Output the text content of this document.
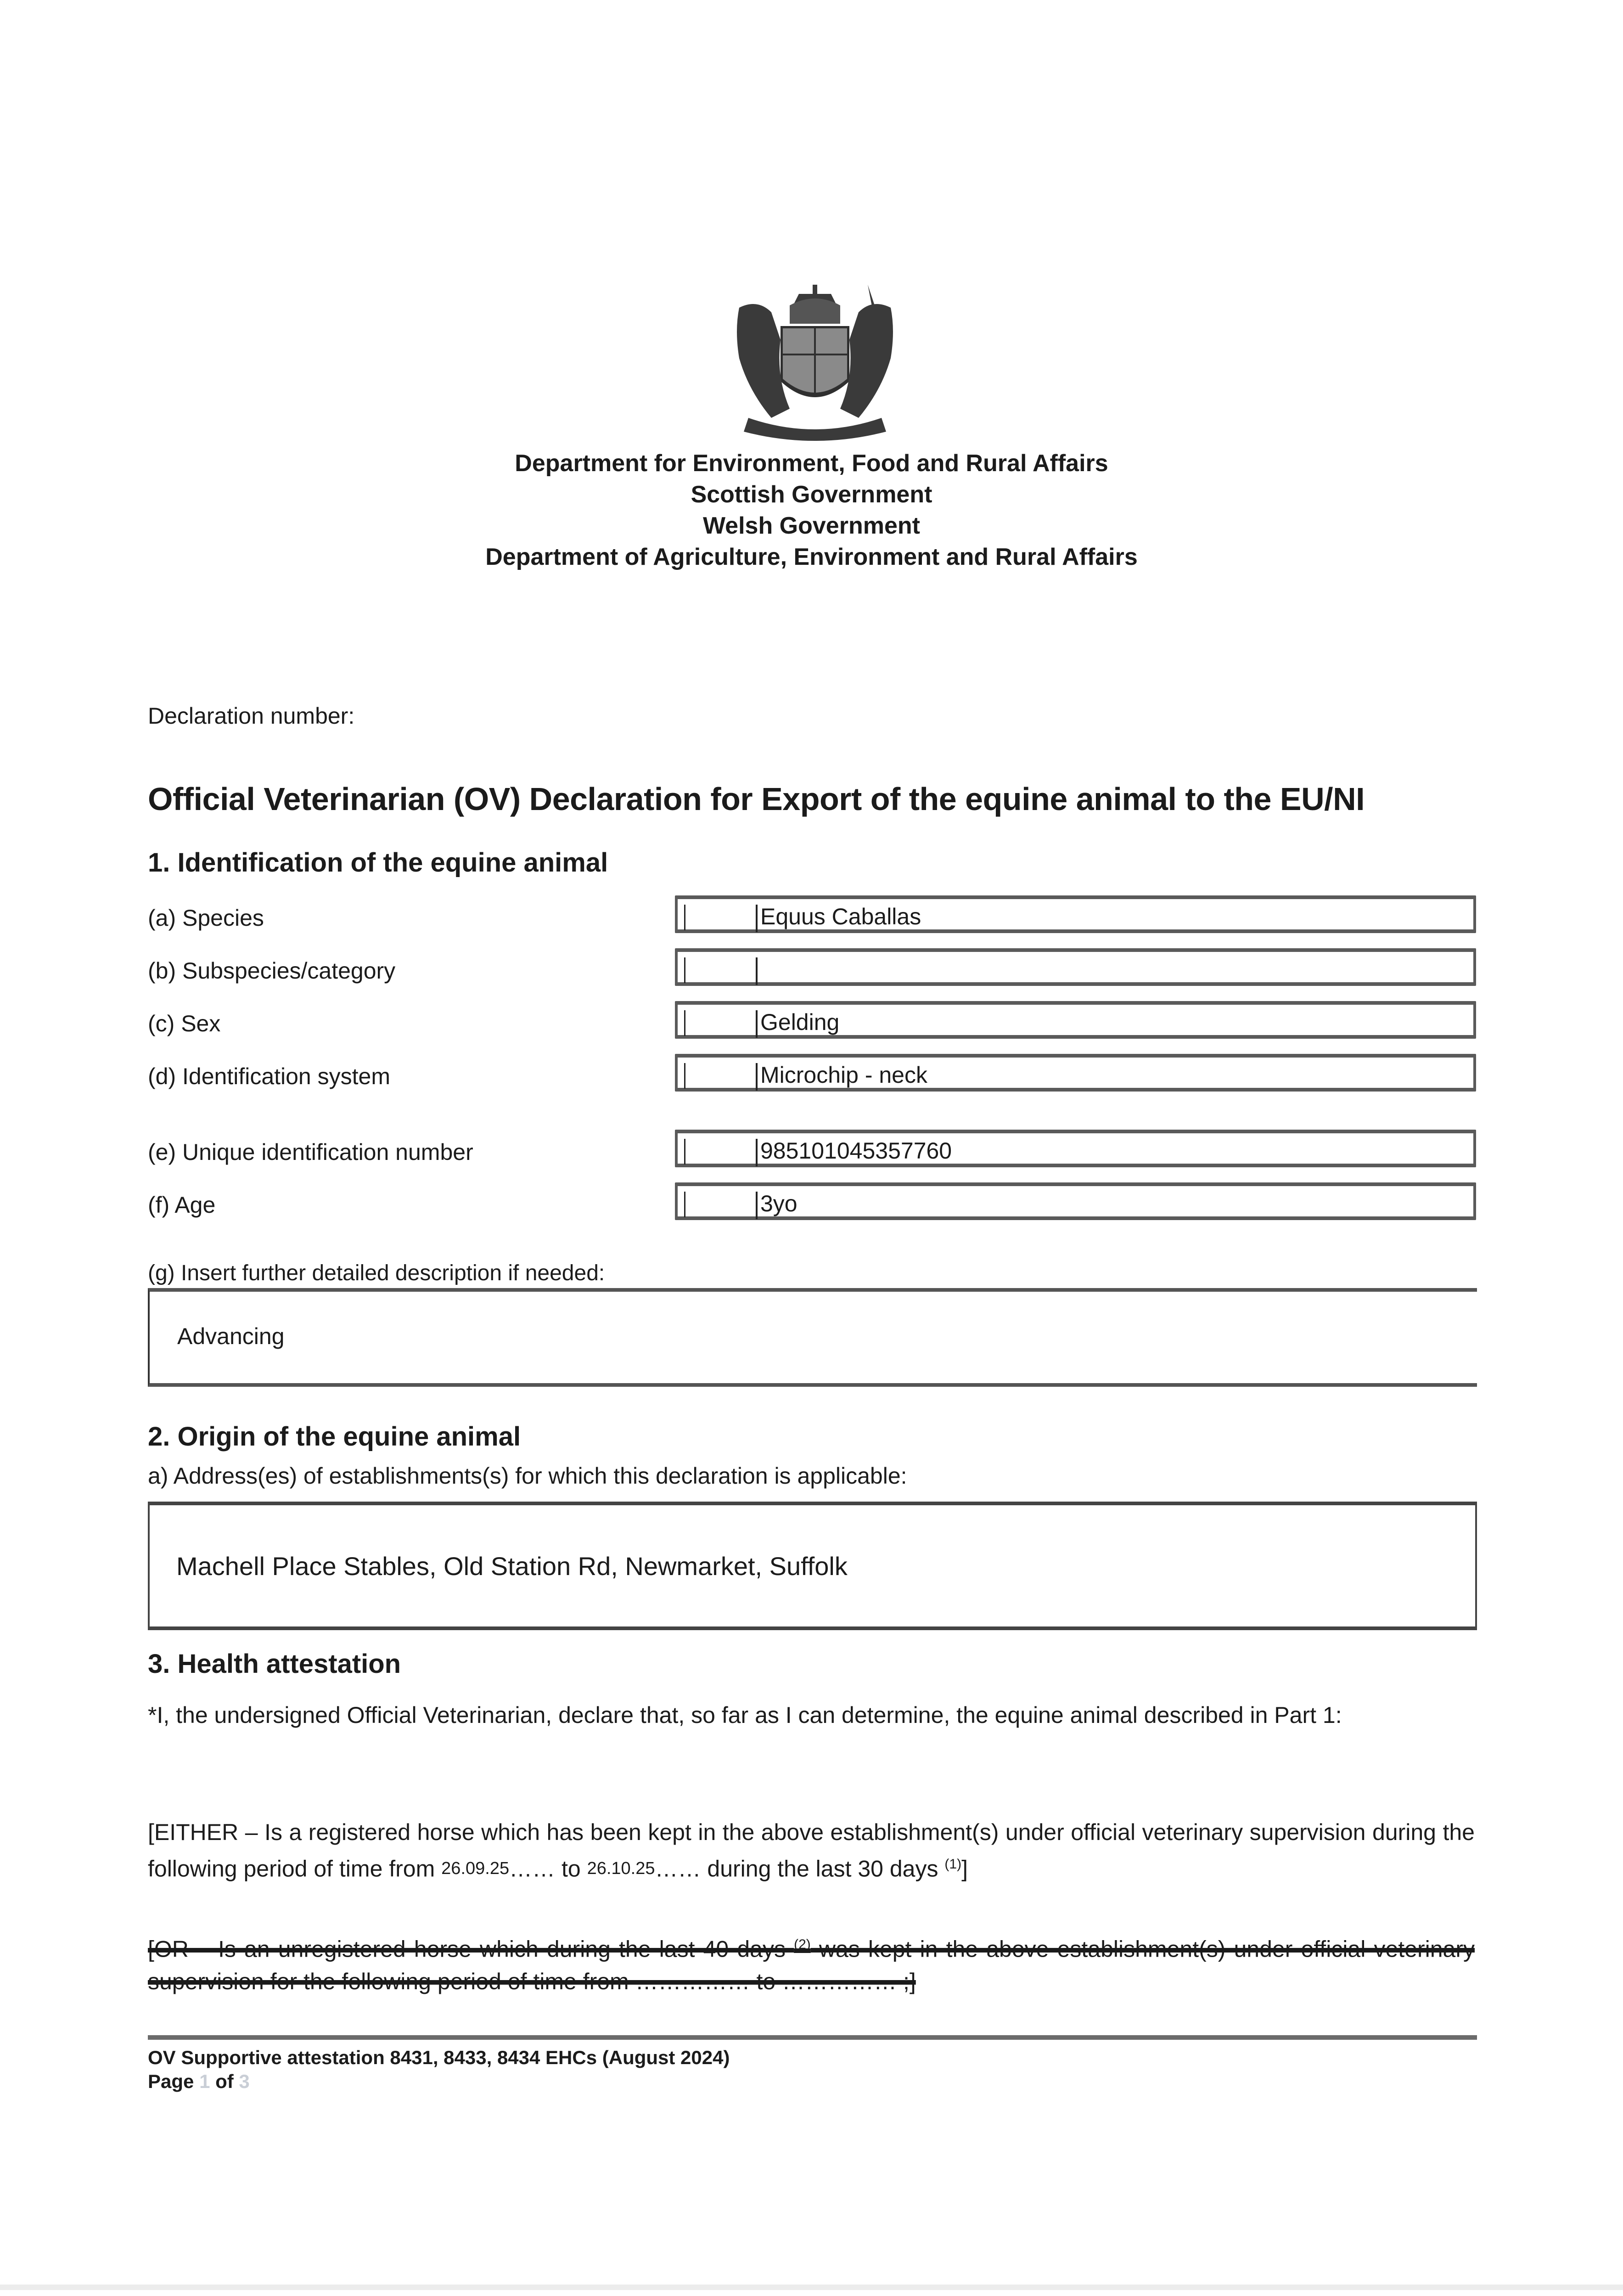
Department for Environment, Food and Rural Affairs
Scottish Government
Welsh Government
Department of Agriculture, Environment and Rural Affairs
Declaration number:
Official Veterinarian (OV) Declaration for Export of the equine animal to the EU/NI
1. Identification of the equine animal
(a) Species	Equus Caballas
(b) Subspecies/category
(c) Sex	Gelding
(d) Identification system	Microchip - neck
(e) Unique identification number	985101045357760
(f) Age	3yo
(g) Insert further detailed description if needed:
Advancing
2. Origin of the equine animal
a) Address(es) of establishments(s) for which this declaration is applicable:
Machell Place Stables, Old Station Rd, Newmarket, Suffolk
3. Health attestation
*I, the undersigned Official Veterinarian, declare that, so far as I can determine, the equine animal described in Part 1:
[EITHER – Is a registered horse which has been kept in the above establishment(s) under official veterinary supervision during the following period of time from 26.09.25…… to 26.10.25…… during the last 30 days $^{(1)}$]
[OR – Is an unregistered horse which during the last 40 days $^{(2)}$ was kept in the above establishment(s) under official veterinary supervision for the following period of time from …………… to …………… ;]
OV Supportive attestation 8431, 8433, 8434 EHCs (August 2024)
Page 1 of 3
